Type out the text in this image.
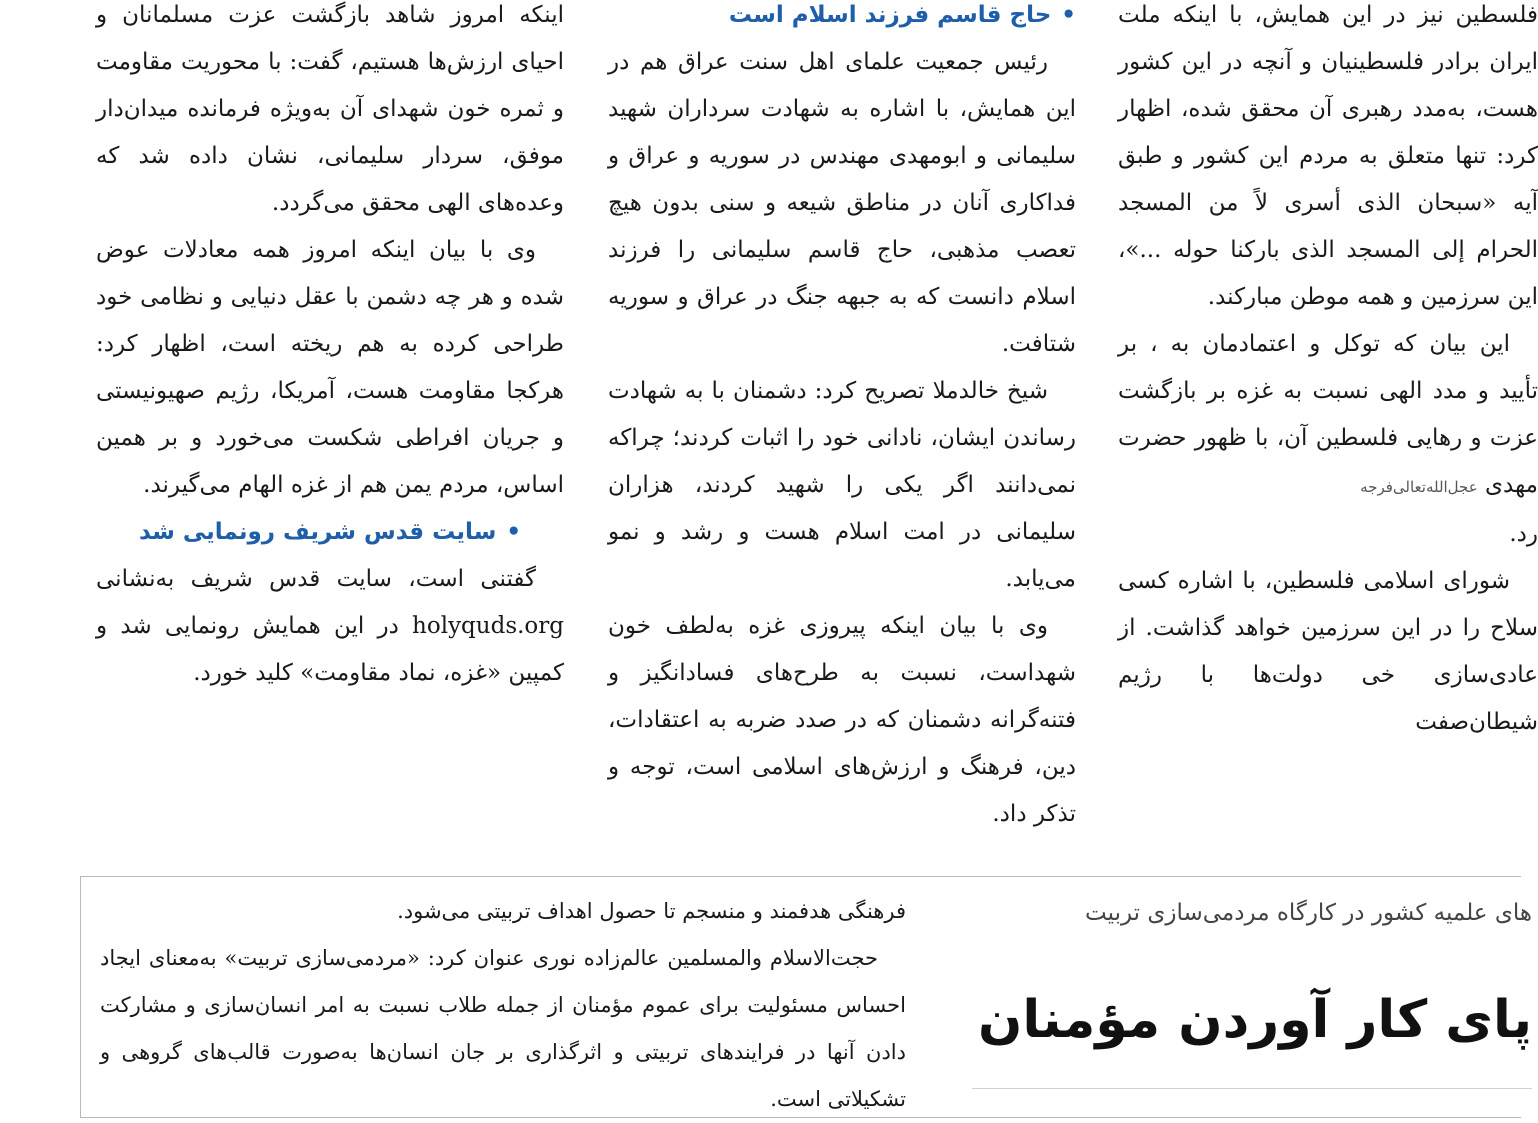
فلسطین نیز در این همایش، با اینکه ملت ایران برادر فلسطینیان و آنچه در این کشور هست، به‌مدد رهبری آن محقق شده، اظهار کرد: تنها متعلق به مردم این کشور و طبق آیه «سبحان الذی أسری لاً من المسجد الحرام إلی المسجد الذی بارکنا حوله ...»، این سرزمین و همه موطن مبارکند.

این بیان که توکل و اعتمادمان به ، بر تأیید و مدد الهی نسبت به غزه بر بازگشت عزت و رهایی فلسطین آن، با ظهور حضرت مهدی عجل‌الله‌تعالی‌فرجه

رد.

شورای اسلامی فلسطین، با اشاره کسی سلاح را در این سرزمین خواهد گذاشت. از عادی‌سازی خی دولت‌ها با رژیم شیطان‌صفت

•حاج قاسم فرزند اسلام است

رئیس جمعیت علمای اهل سنت عراق هم در این همایش، با اشاره به شهادت سرداران شهید سلیمانی و ابومهدی مهندس در سوریه و عراق و فداکاری آنان در مناطق شیعه و سنی بدون هیچ تعصب مذهبی، حاج قاسم سلیمانی را فرزند اسلام دانست که به جبهه جنگ در عراق و سوریه شتافت.

شیخ خالدملا تصریح کرد: دشمنان با به شهادت رساندن ایشان، نادانی خود را اثبات کردند؛ چراکه نمی‌دانند اگر یکی را شهید کردند، هزاران سلیمانی در امت اسلام هست و رشد و نمو می‌یابد.

وی با بیان اینکه پیروزی غزه به‌لطف خون شهداست، نسبت به طرح‌های فسادانگیز و فتنه‌گرانه دشمنان که در صدد ضربه به اعتقادات، دین، فرهنگ و ارزش‌های اسلامی است، توجه و تذکر داد.

اینکه امروز شاهد بازگشت عزت مسلمانان و احیای ارزش‌ها هستیم، گفت: با محوریت مقاومت و ثمره خون شهدای آن به‌ویژه فرمانده میدان‌دار موفق، سردار سلیمانی، نشان داده شد که وعده‌های الهی محقق می‌گردد.

وی با بیان اینکه امروز همه معادلات عوض شده و هر چه دشمن با عقل دنیایی و نظامی خود طراحی کرده به هم ریخته است، اظهار کرد: هرکجا مقاومت هست، آمریکا، رژیم صهیونیستی و جریان افراطی شکست می‌خورد و بر همین اساس، مردم یمن هم از غزه الهام می‌گیرند.

•سایت قدس شریف رونمایی شد

گفتنی است، سایت قدس شریف به‌نشانی holyquds.org در این همایش رونمایی شد و کمپین «غزه، نماد مقاومت» کلید خورد.

های علمیه کشور در کارگاه مردمی‌سازی تربیت
پای کار آوردن مؤمنان

فرهنگی هدفمند و منسجم تا حصول اهداف تربیتی می‌شود.

حجت‌الاسلام والمسلمین عالم‌زاده نوری عنوان کرد: «مردمی‌سازی تربیت» به‌معنای ایجاد احساس مسئولیت برای عموم مؤمنان از جمله طلاب نسبت به امر انسان‌سازی و مشارکت دادن آنها در فرایندهای تربیتی و اثرگذاری بر جان انسان‌ها به‌صورت قالب‌های گروهی و تشکیلاتی است.
